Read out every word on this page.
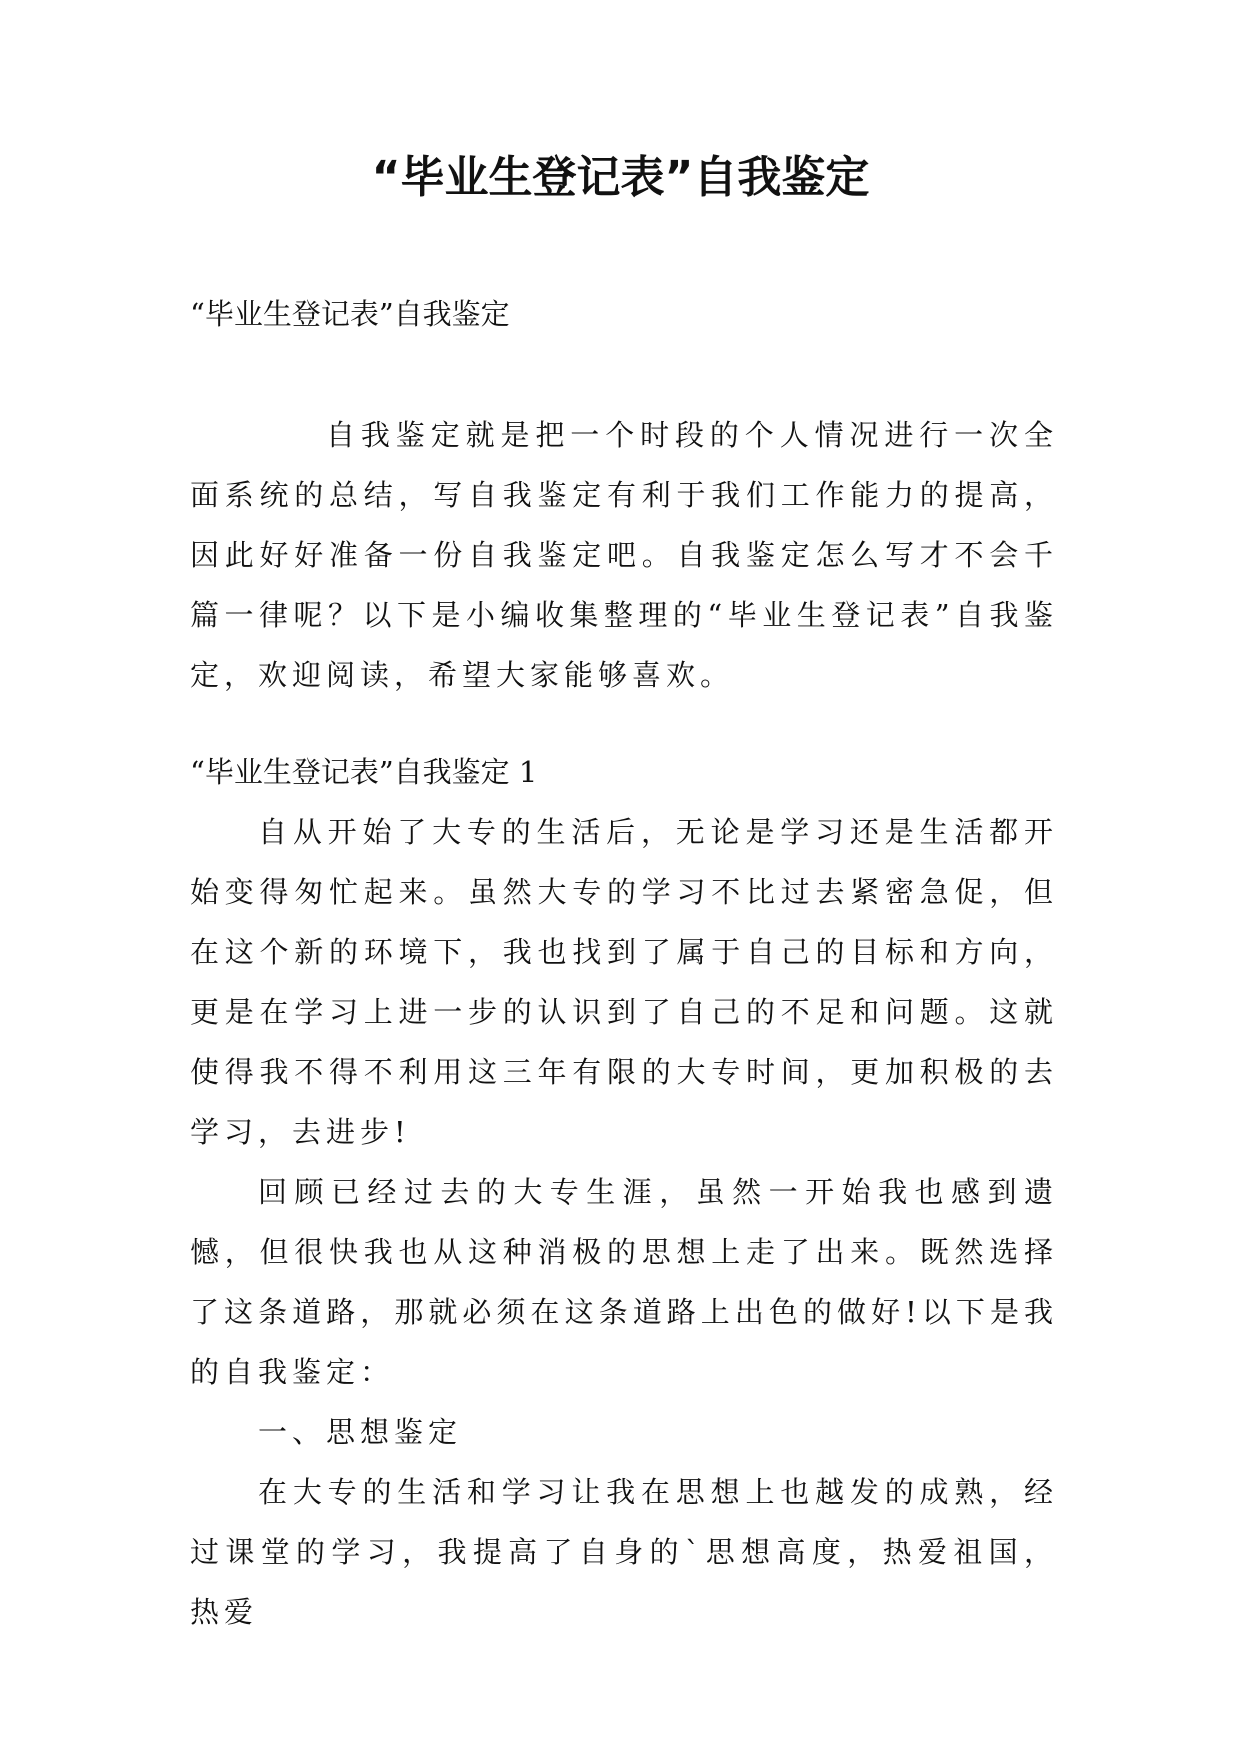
“毕业生登记表”自我鉴定

“毕业生登记表”自我鉴定

自我鉴定就是把一个时段的个人情况进行一次全面系统的总结，写自我鉴定有利于我们工作能力的提高，因此好好准备一份自我鉴定吧。自我鉴定怎么写才不会千篇一律呢？以下是小编收集整理的“毕业生登记表”自我鉴定，欢迎阅读，希望大家能够喜欢。

“毕业生登记表”自我鉴定 1

自从开始了大专的生活后，无论是学习还是生活都开始变得匆忙起来。虽然大专的学习不比过去紧密急促，但在这个新的环境下，我也找到了属于自己的目标和方向，更是在学习上进一步的认识到了自己的不足和问题。这就使得我不得不利用这三年有限的大专时间，更加积极的去学习，去进步!

回顾已经过去的大专生涯，虽然一开始我也感到遗憾，但很快我也从这种消极的思想上走了出来。既然选择了这条道路，那就必须在这条道路上出色的做好!以下是我的自我鉴定：

一、思想鉴定

在大专的生活和学习让我在思想上也越发的成熟，经过课堂的学习，我提高了自身的`思想高度，热爱祖国，热爱
